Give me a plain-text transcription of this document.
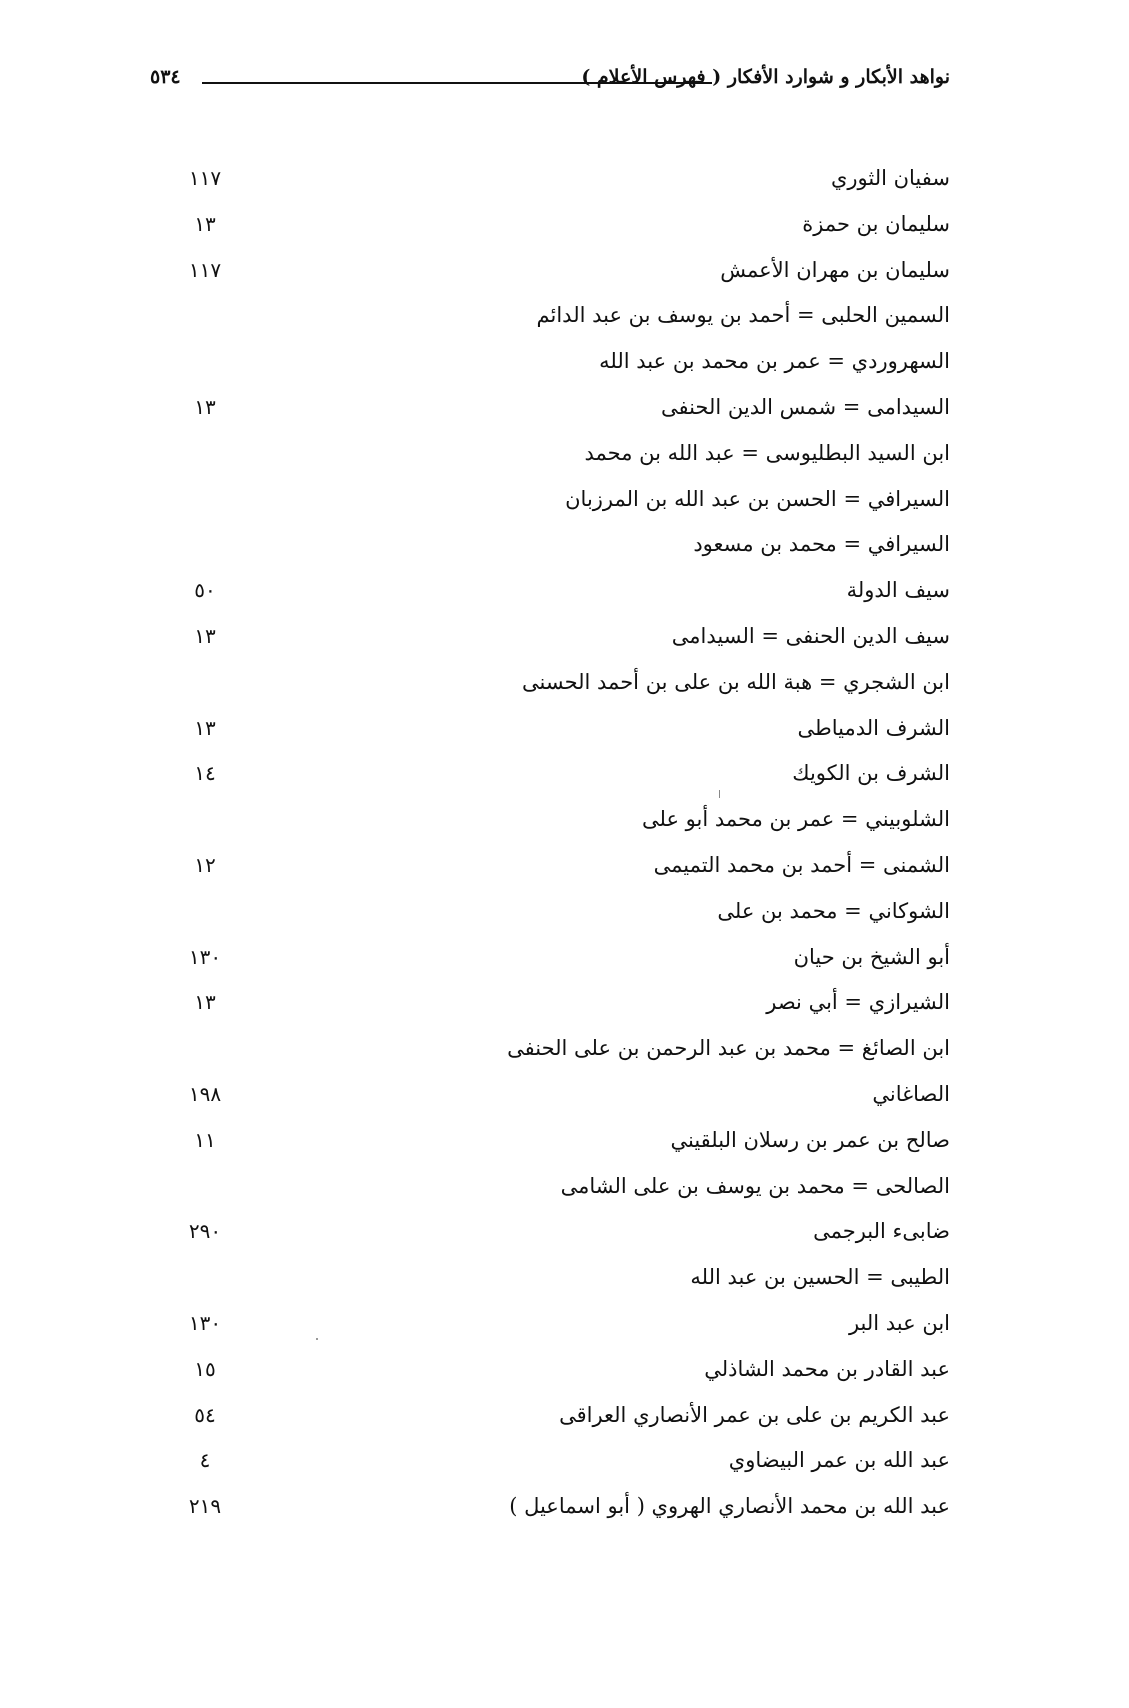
نواهد الأبكار و شوارد الأفكار ( فهرس الأعلام )
٥٣٤
سفيان الثوري
١١٧
سليمان بن حمزة
١٣
سليمان بن مهران الأعمش
١١٧
السمين الحلبى = أحمد بن يوسف بن عبد الدائم
السهروردي = عمر بن محمد بن عبد الله
السيدامى = شمس الدين الحنفى
١٣
ابن السيد البطليوسى = عبد الله بن محمد
السيرافي = الحسن بن عبد الله بن المرزبان
السيرافي = محمد بن مسعود
سيف الدولة
٥٠
سيف الدين الحنفى = السيدامى
١٣
ابن الشجري = هبة الله بن على بن أحمد الحسنى
الشرف الدمياطى
١٣
الشرف بن الكويك
١٤
الشلوبيني = عمر بن محمد أبو على
الشمنى = أحمد بن محمد التميمى
١٢
الشوكاني = محمد بن على
أبو الشيخ بن حيان
١٣٠
الشيرازي = أبي نصر
١٣
ابن الصائغ = محمد بن عبد الرحمن بن على الحنفى
الصاغاني
١٩٨
صالح بن عمر بن رسلان البلقيني
١١
الصالحى = محمد بن يوسف بن على الشامى
ضابىء البرجمى
٢٩٠
الطيبى = الحسين بن عبد الله
ابن عبد البر
١٣٠
عبد القادر بن محمد الشاذلي
١٥
عبد الكريم بن على بن عمر الأنصاري العراقى
٥٤
عبد الله بن عمر البيضاوي
٤
عبد الله بن محمد الأنصاري الهروي ( أبو اسماعيل )
٢١٩
